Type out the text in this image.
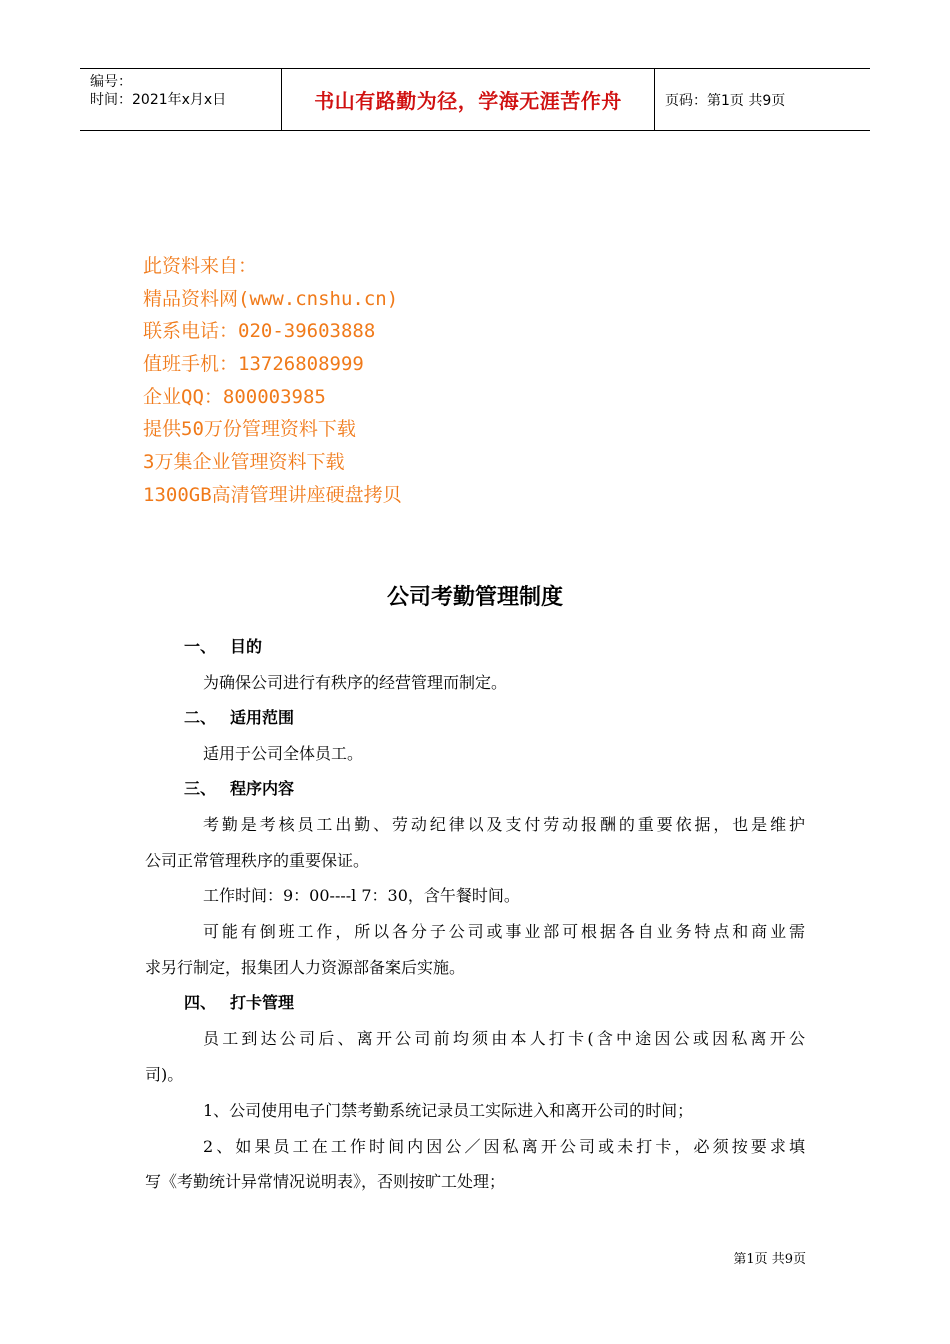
编号：
时间：2021年x月x日	书山有路勤为径，学海无涯苦作舟	页码：第1页 共9页
此资料来自：
精品资料网(www.cnshu.cn)
联系电话：020-39603888
值班手机：13726808999
企业QQ：800003985
提供50万份管理资料下载
3万集企业管理资料下载
1300GB高清管理讲座硬盘拷贝
公司考勤管理制度
一、 目的
为确保公司进行有秩序的经营管理而制定。
二、 适用范围
适用于公司全体员工。
三、 程序内容
考勤是考核员工出勤、劳动纪律以及支付劳动报酬的重要依据，也是维护
公司正常管理秩序的重要保证。
工作时间：9：00----l 7：30，含午餐时间。
可能有倒班工作，所以各分子公司或事业部可根据各自业务特点和商业需
求另行制定，报集团人力资源部备案后实施。
四、 打卡管理
员工到达公司后、离开公司前均须由本人打卡(含中途因公或因私离开公
司)。
1、公司使用电子门禁考勤系统记录员工实际进入和离开公司的时间；
2、如果员工在工作时间内因公／因私离开公司或未打卡，必须按要求填
写《考勤统计异常情况说明表》，否则按旷工处理；
第1页 共9页
